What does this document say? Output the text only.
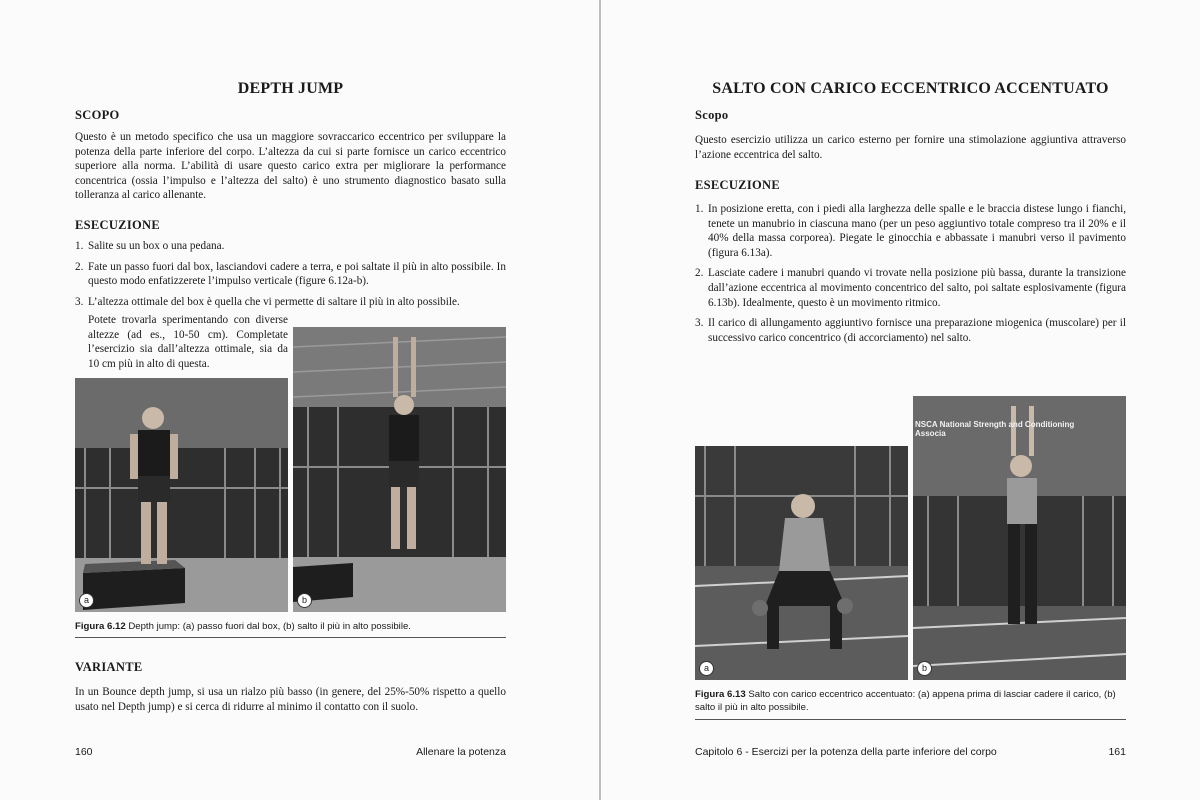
DEPTH JUMP
SCOPO
Questo è un metodo specifico che usa un maggiore sovraccarico eccentrico per sviluppare la potenza della parte inferiore del corpo. L’altezza da cui si parte fornisce un carico eccentrico superiore alla norma. L’abilità di usare questo carico extra per migliorare la performance concentrica (ossia l’impulso e l’altezza del salto) è uno strumento diagnostico basato sulla tolleranza al carico allenante.
ESECUZIONE
1. Salite su un box o una pedana.
2. Fate un passo fuori dal box, lasciandovi cadere a terra, e poi saltate il più in alto possibile. In questo modo enfatizzerete l’impulso verticale (figure 6.12a-b).
3. L’altezza ottimale del box è quella che vi permette di saltare il più in alto possibile.
Potete trovarla sperimentando con diverse altezze (ad es., 10-50 cm). Completate l’esercizio sia dall’altezza ottimale, sia da 10 cm più in alto di questa.
a	b
Figura 6.12 Depth jump: (a) passo fuori dal box, (b) salto il più in alto possibile.
VARIANTE
In un Bounce depth jump, si usa un rialzo più basso (in genere, del 25%-50% rispetto a quello usato nel Depth jump) e si cerca di ridurre al minimo il contatto con il suolo.
160	Allenare la potenza
SALTO CON CARICO ECCENTRICO ACCENTUATO
Scopo
Questo esercizio utilizza un carico esterno per fornire una stimolazione aggiuntiva attraverso l’azione eccentrica del salto.
ESECUZIONE
1. In posizione eretta, con i piedi alla larghezza delle spalle e le braccia distese lungo i fianchi, tenete un manubrio in ciascuna mano (per un peso aggiuntivo totale compreso tra il 20% e il 40% della massa corporea). Piegate le ginocchia e abbassate i manubri verso il pavimento (figura 6.13a).
2. Lasciate cadere i manubri quando vi trovate nella posizione più bassa, durante la transizione dall’azione eccentrica al movimento concentrico del salto, poi saltate esplosivamente (figura 6.13b). Idealmente, questo è un movimento ritmico.
3. Il carico di allungamento aggiuntivo fornisce una preparazione miogenica (muscolare) per il successivo carico concentrico (di accorciamento) nel salto.
a
NSCA National Strength and Conditioning Associa
b
Figura 6.13 Salto con carico eccentrico accentuato: (a) appena prima di lasciar cadere il carico, (b) salto il più in alto possibile.
Capitolo 6 - Esercizi per la potenza della parte inferiore del corpo	161
